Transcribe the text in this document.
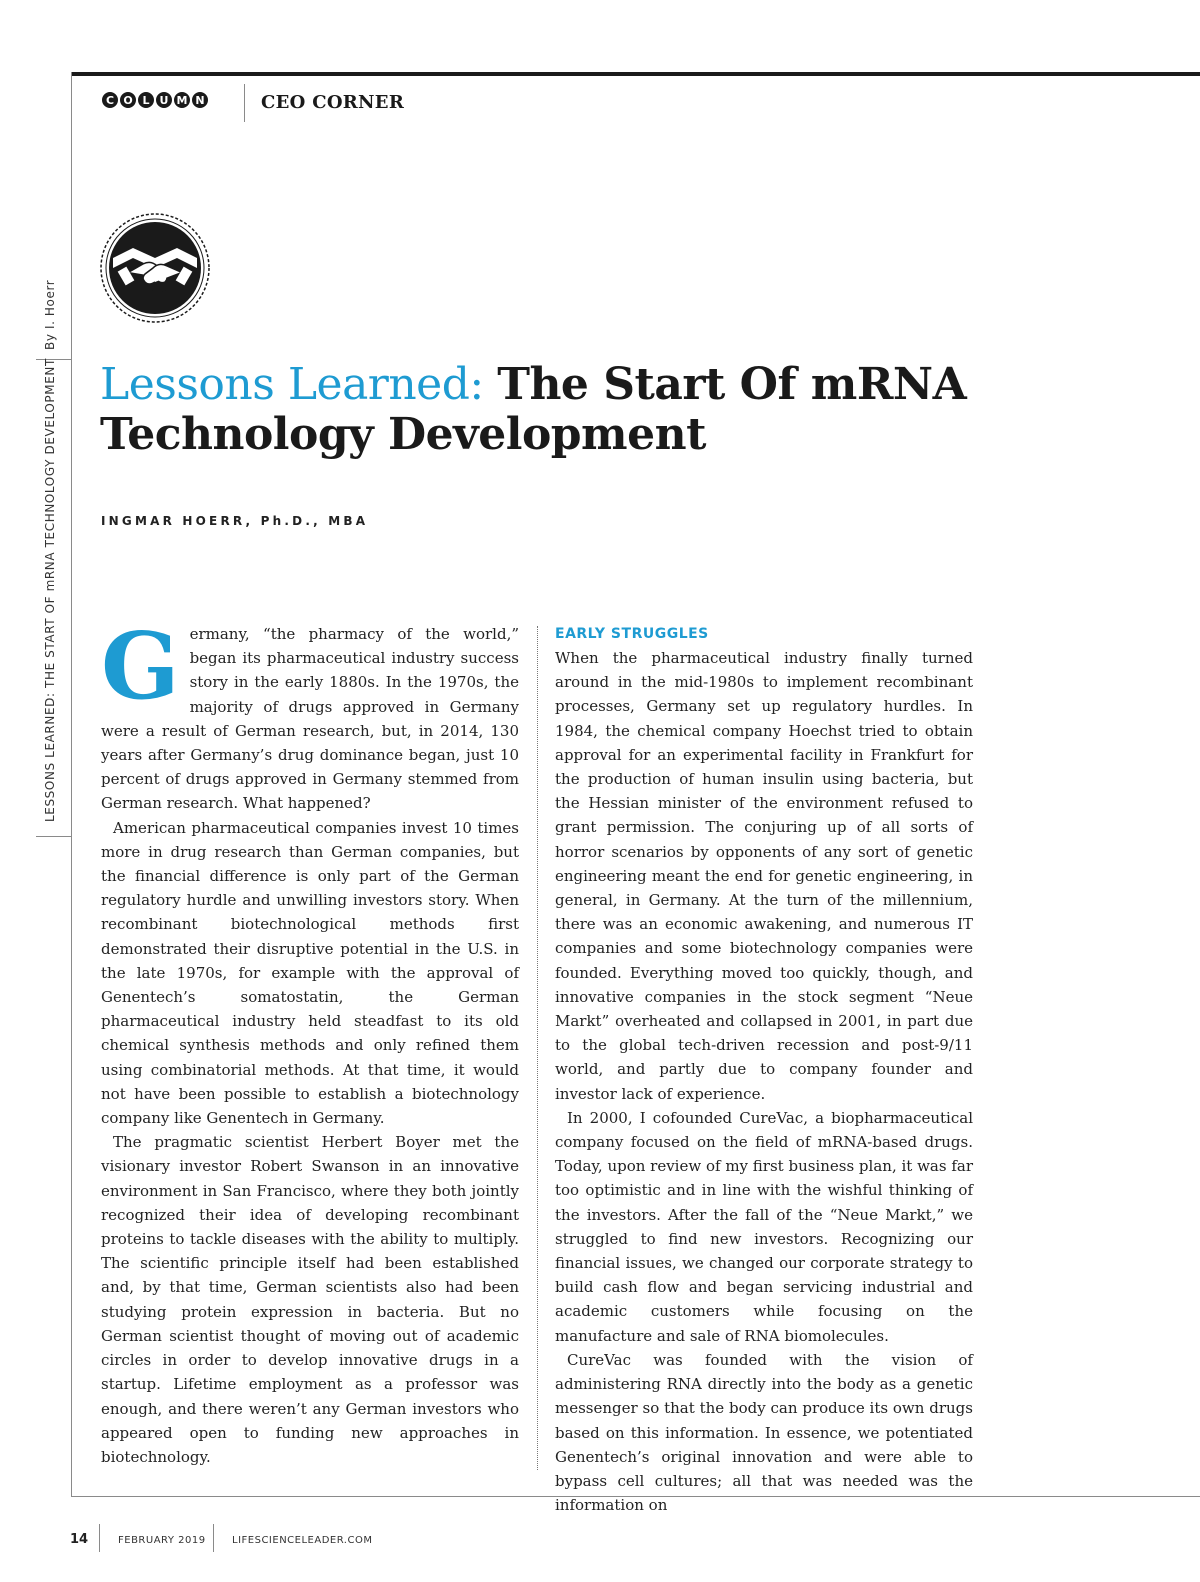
C O L U M N	CEO CORNER
By I. Hoerr
LESSONS LEARNED: THE START OF mRNA TECHNOLOGY DEVELOPMENT Lessons Learned: The Start Of mRNA
Technology Development
INGMAR HOERR, Ph.D., MBA

Germany, “the pharmacy of the world,” began its pharmaceutical industry success story in the early 1880s. In the 1970s, the majority of drugs approved in Germany were a result of German research, but, in 2014, 130 years after Germany’s drug dominance began, just 10 percent of drugs approved in Germany stemmed from German research. What happened?

American pharmaceutical companies invest 10 times more in drug research than German companies, but the financial difference is only part of the German regulatory hurdle and unwilling investors story. When recombinant biotechnological methods first demonstrated their disruptive potential in the U.S. in the late 1970s, for example with the approval of Genentech’s somatostatin, the German pharmaceutical industry held steadfast to its old chemical synthesis methods and only refined them using combinatorial methods. At that time, it would not have been possible to establish a biotechnology company like Genentech in Germany.

The pragmatic scientist Herbert Boyer met the visionary investor Robert Swanson in an innovative environment in San Francisco, where they both jointly recognized their idea of developing recombinant proteins to tackle diseases with the ability to multiply. The scientific principle itself had been established and, by that time, German scientists also had been studying protein expression in bacteria. But no German scientist thought of moving out of academic circles in order to develop innovative drugs in a startup. Lifetime employment as a professor was enough, and there weren’t any German investors who appeared open to funding new approaches in biotechnology.

EARLY STRUGGLES

When the pharmaceutical industry finally turned around in the mid-1980s to implement recombinant processes, Germany set up regulatory hurdles. In 1984, the chemical company Hoechst tried to obtain approval for an experimental facility in Frankfurt for the production of human insulin using bacteria, but the Hessian minister of the environment refused to grant permission. The conjuring up of all sorts of horror scenarios by opponents of any sort of genetic engineering meant the end for genetic engineering, in general, in Germany. At the turn of the millennium, there was an economic awakening, and numerous IT companies and some biotechnology companies were founded. Everything moved too quickly, though, and innovative companies in the stock segment “Neue Markt” overheated and collapsed in 2001, in part due to the global tech-driven recession and post-9/11 world, and partly due to company founder and investor lack of experience.

In 2000, I cofounded CureVac, a biopharmaceutical company focused on the field of mRNA-based drugs. Today, upon review of my first business plan, it was far too optimistic and in line with the wishful thinking of the investors. After the fall of the “Neue Markt,” we struggled to find new investors. Recognizing our financial issues, we changed our corporate strategy to build cash flow and began servicing industrial and academic customers while focusing on the manufacture and sale of RNA biomolecules.

CureVac was founded with the vision of administering RNA directly into the body as a genetic messenger so that the body can produce its own drugs based on this information. In essence, we potentiated Genentech’s original innovation and were able to bypass cell cultures; all that was needed was the information on

14	FEBRUARY 2019	LIFESCIENCELEADER.COM
